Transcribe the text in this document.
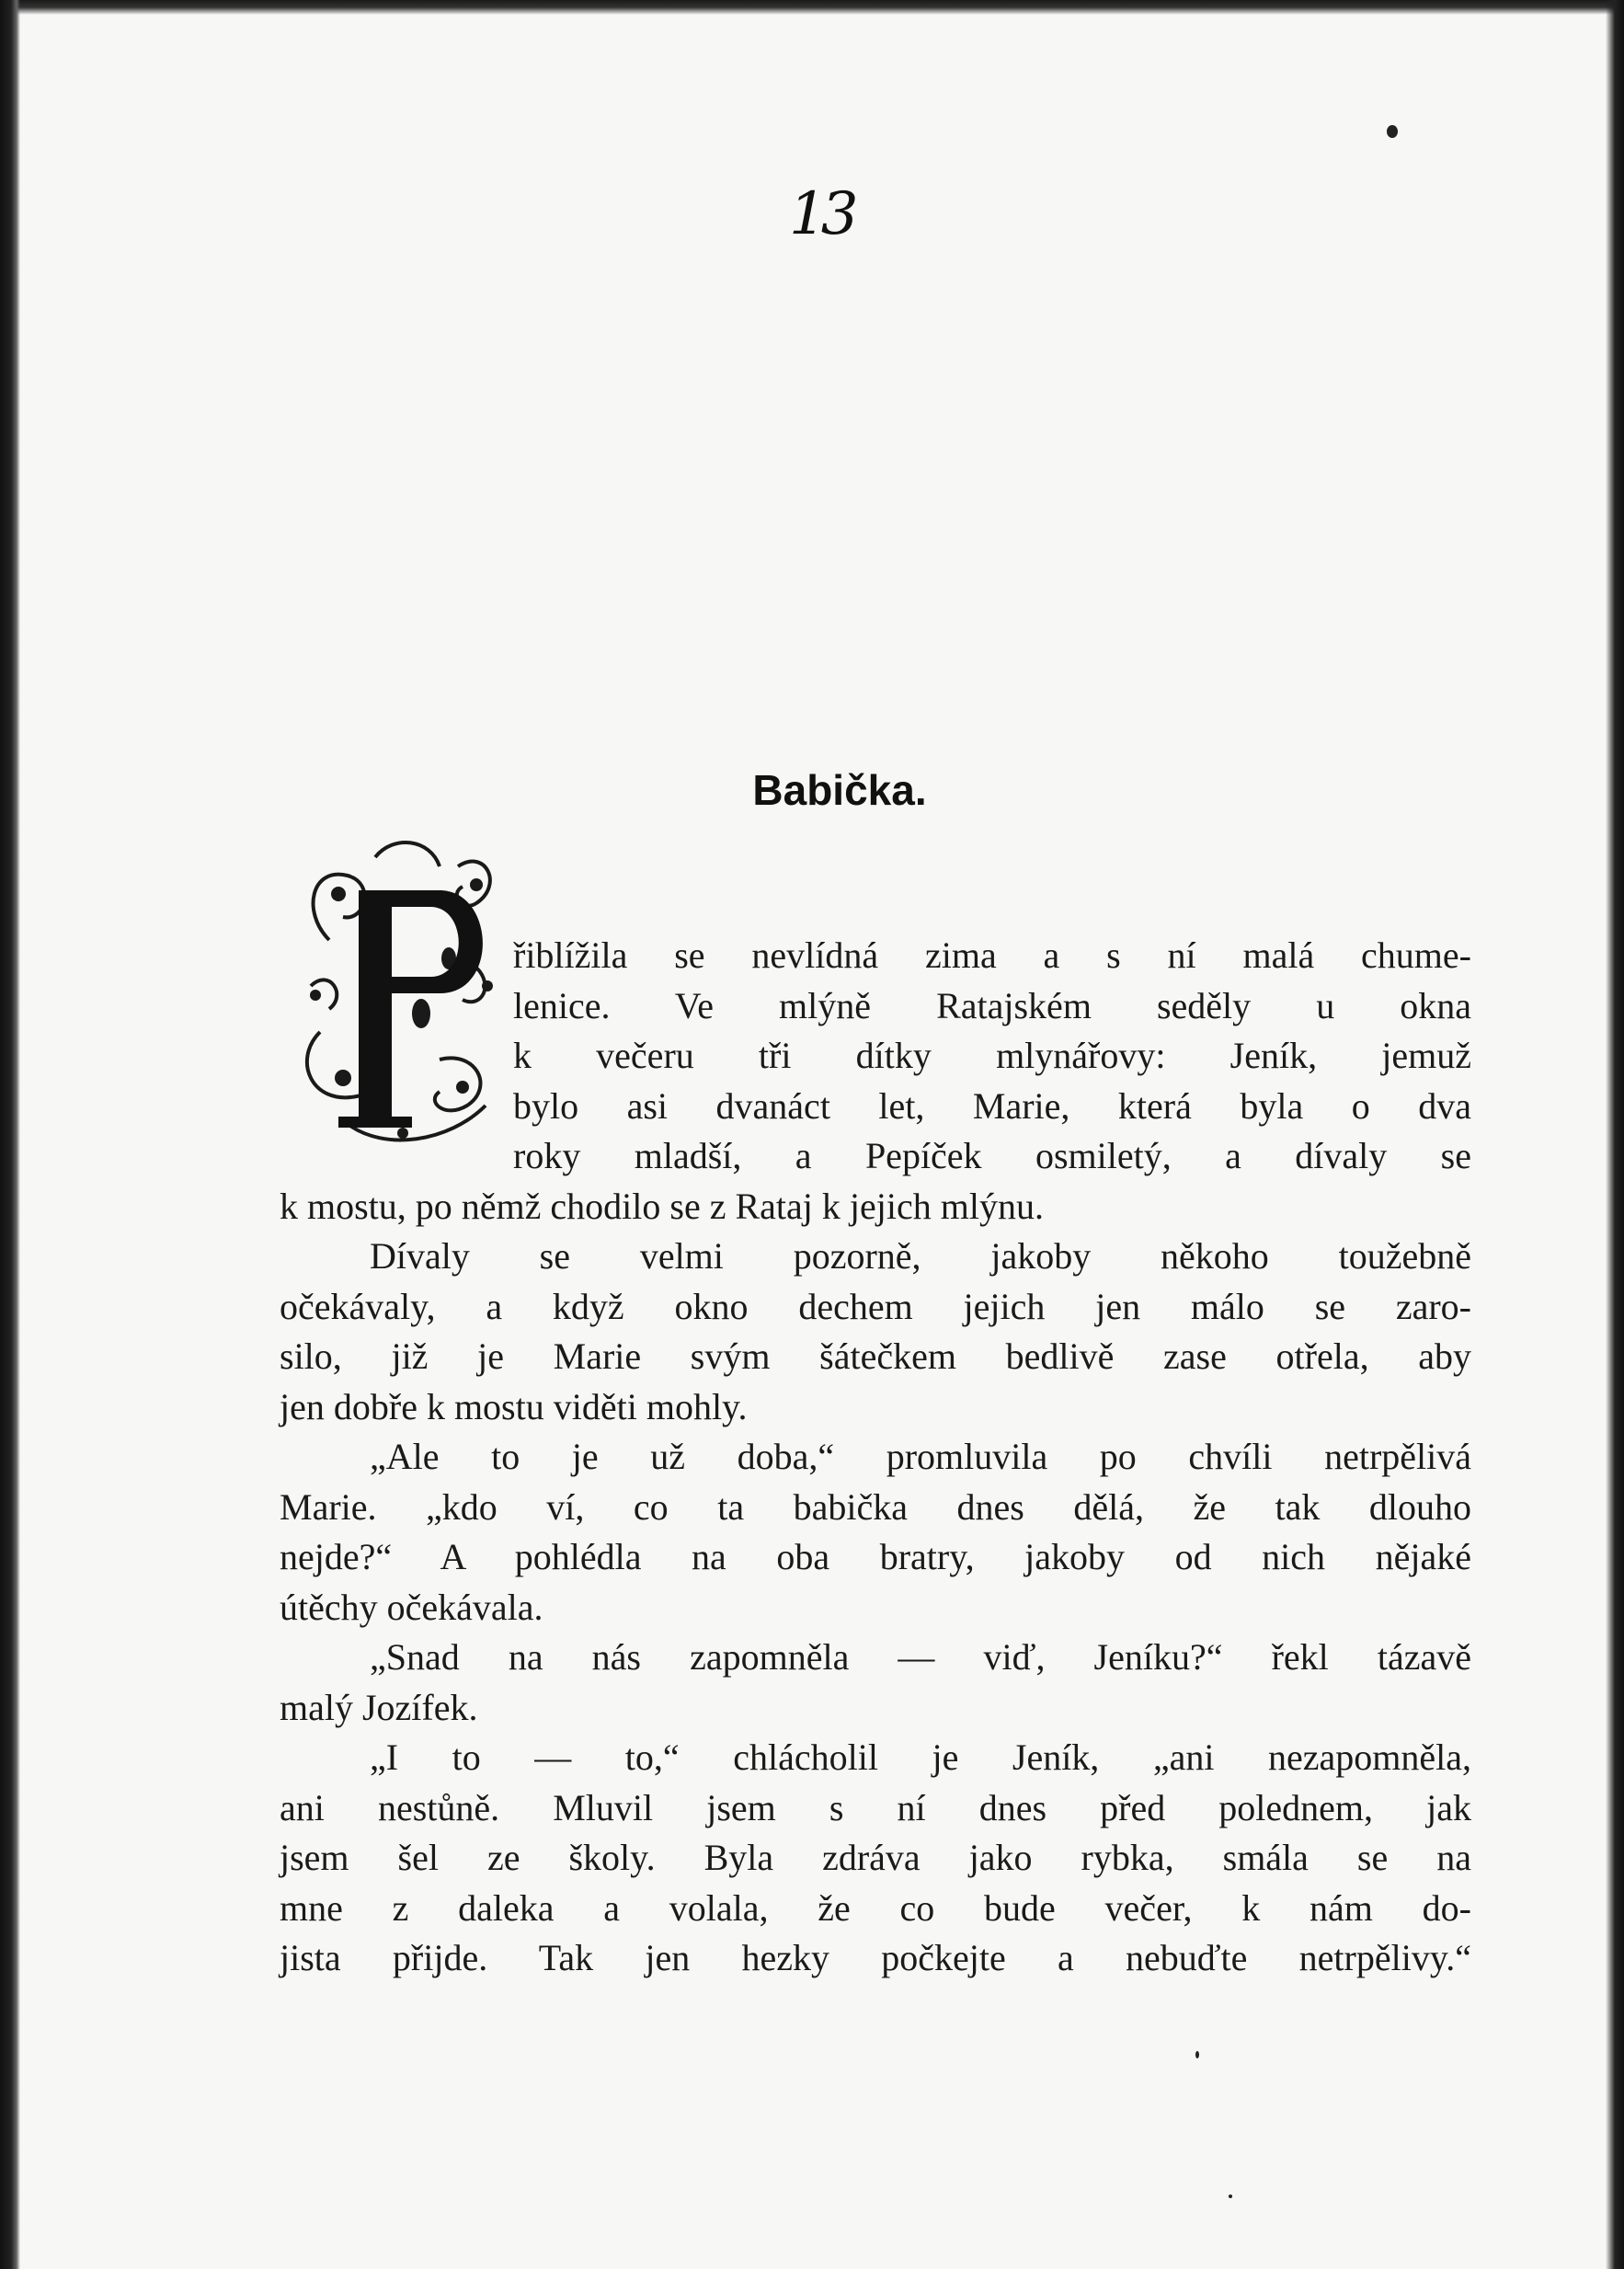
13
Babička.
řiblížila se nevlídná zima a s ní malá chume-
lenice. Ve mlýně Ratajském seděly u okna
k večeru tři dítky mlynářovy: Jeník, jemuž
bylo asi dvanáct let, Marie, která byla o dva
roky mladší, a Pepíček osmiletý, a dívaly se
k mostu, po němž chodilo se z Rataj k jejich mlýnu.
Dívaly se velmi pozorně, jakoby někoho toužebně
očekávaly, a když okno dechem jejich jen málo se zaro-
silo, již je Marie svým šátečkem bedlivě zase otřela, aby
jen dobře k mostu viděti mohly.
„Ale to je už doba,“ promluvila po chvíli netrpělivá
Marie. „kdo ví, co ta babička dnes dělá, že tak dlouho
nejde?“ A pohlédla na oba bratry, jakoby od nich nějaké
útěchy očekávala.
„Snad na nás zapomněla — viď, Jeníku?“ řekl tázavě
malý Jozífek.
„I to — to,“ chlácholil je Jeník, „ani nezapomněla,
ani nestůně. Mluvil jsem s ní dnes před polednem, jak
jsem šel ze školy. Byla zdráva jako rybka, smála se na
mne z daleka a volala, že co bude večer, k nám do-
jista přijde. Tak jen hezky počkejte a nebuďte netrpělivy.“
